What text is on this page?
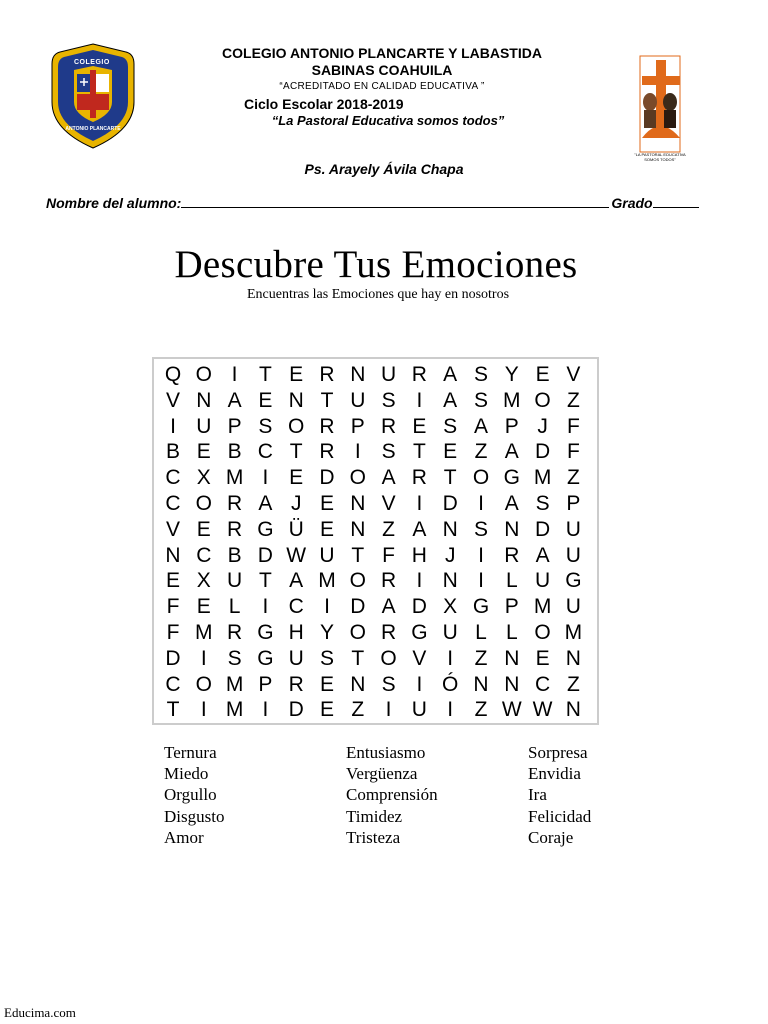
COLEGIO
ANTONIO PLANCARTE
"LA PASTORAL EDUCATIVA
SOMOS TODOS"
COLEGIO ANTONIO PLANCARTE Y LABASTIDA
SABINAS COAHUILA
“ACREDITADO EN CALIDAD EDUCATIVA ”
Ciclo Escolar 2018-2019
“La Pastoral Educativa somos todos”
Ps. Arayely Ávila Chapa
Nombre del alumno:	Grado
Descubre Tus Emociones
Encuentras las Emociones que hay en nosotros
Q O I	T E R N U R A S Y E V
V N A E N T U S I A S M O Z
I U P S O R P R E S A P J F
B E B C T R I S T E Z A D F
C X M I E D O A R T O G M Z
C O R A J E N V I D I A S P
V E R G Ü E N Z A N S N D U
N C B D W U T F H J	I R A U
E X U T A M O R I N I	L U G
F E L	I C I D A D X G P M U
F M R G H Y O R G U L L O M
D I S G U S T O V I	Z N E N
C O M P R E N S I Ó N N C Z
T	I M I D E Z	I U I	Z W W N
Ternura	Entusiasmo	Sorpresa
Miedo	Vergüenza	Envidia
Orgullo	Comprensión	Ira
Disgusto	Timidez	Felicidad
Amor	Tristeza	Coraje
Educima.com
